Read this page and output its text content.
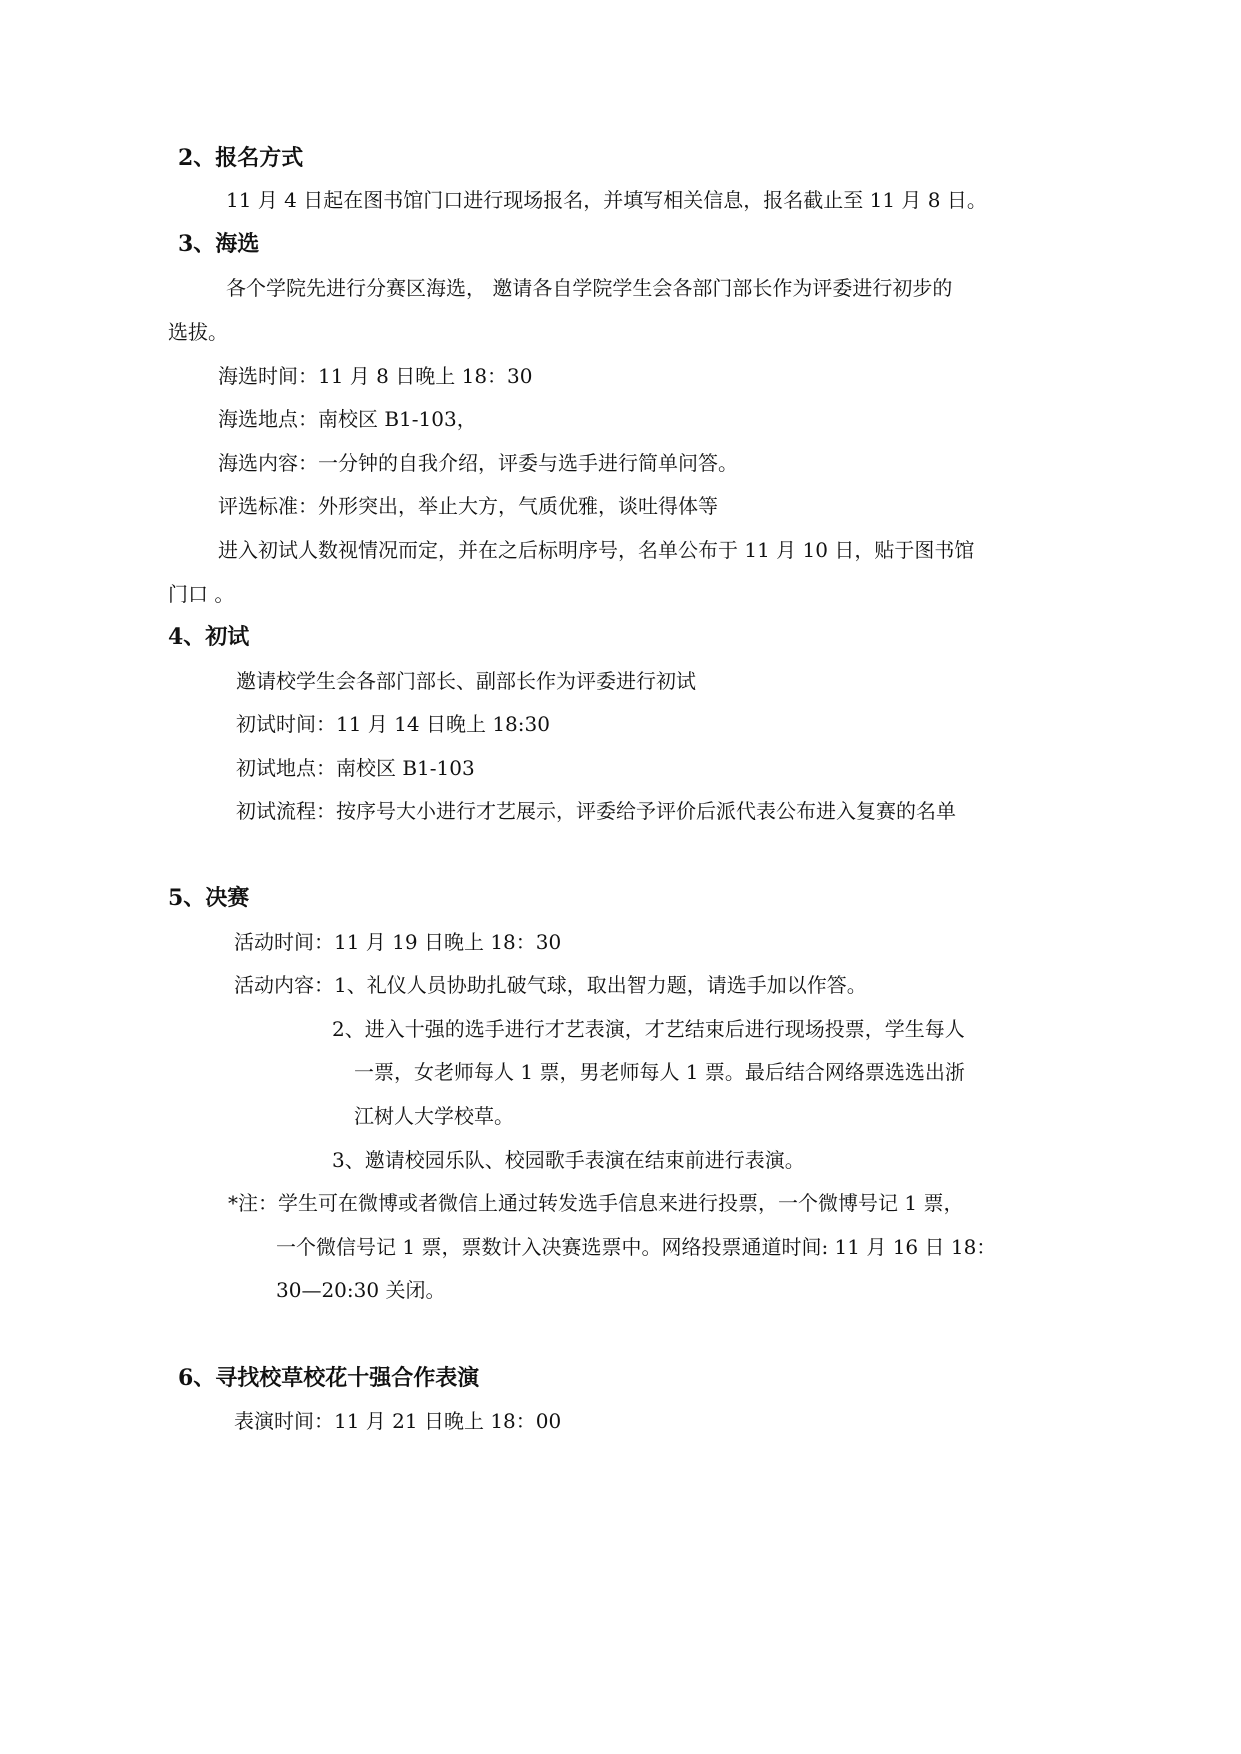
2、报名方式
11 月 4 日起在图书馆门口进行现场报名，并填写相关信息，报名截止至 11 月 8 日。
3、海选
各个学院先进行分赛区海选， 邀请各自学院学生会各部门部长作为评委进行初步的
选拔。
海选时间：11 月 8 日晚上 18：30
海选地点：南校区 B1-103，
海选内容：一分钟的自我介绍，评委与选手进行简单问答。
评选标准：外形突出，举止大方，气质优雅，谈吐得体等
进入初试人数视情况而定，并在之后标明序号，名单公布于 11 月 10 日，贴于图书馆
门口 。
4、初试
邀请校学生会各部门部长、副部长作为评委进行初试
初试时间：11 月 14 日晚上 18:30
初试地点：南校区 B1-103
初试流程：按序号大小进行才艺展示，评委给予评价后派代表公布进入复赛的名单
5、决赛
活动时间：11 月 19 日晚上 18：30
活动内容：1、礼仪人员协助扎破气球，取出智力题，请选手加以作答。
2、进入十强的选手进行才艺表演，才艺结束后进行现场投票，学生每人
一票，女老师每人 1 票，男老师每人 1 票。最后结合网络票选选出浙
江树人大学校草。
3、邀请校园乐队、校园歌手表演在结束前进行表演。
*注：学生可在微博或者微信上通过转发选手信息来进行投票，一个微博号记 1 票，
一个微信号记 1 票，票数计入决赛选票中。网络投票通道时间: 11 月 16 日 18：
30—20:30 关闭。
6、寻找校草校花十强合作表演
表演时间：11 月 21 日晚上 18：00
